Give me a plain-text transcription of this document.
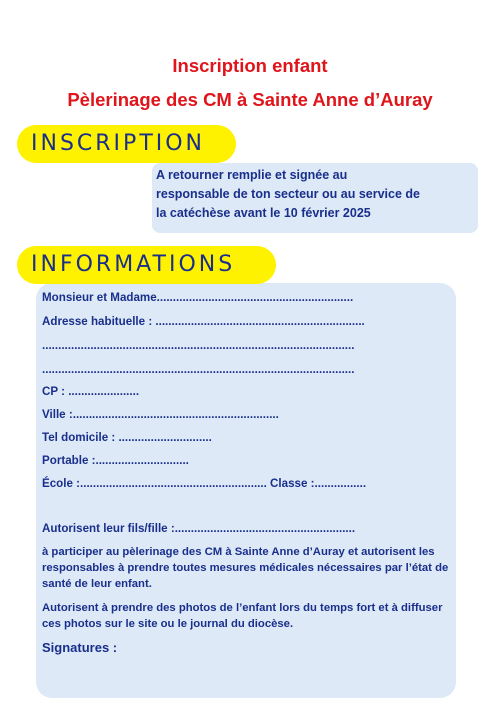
Inscription enfant
Pèlerinage des CM à Sainte Anne d’Auray
INSCRIPTION
A retourner remplie et signée au
responsable de ton secteur ou au service de
la catéchèse avant le 10 février 2025
INFORMATIONS
Monsieur et Madame.............................................................
Adresse habituelle : .................................................................
.................................................................................................
.................................................................................................
CP : ......................
Ville :................................................................
Tel domicile : .............................
Portable :.............................
École :.......................................................... Classe :................
Autorisent leur fils/fille :........................................................
à participer au pèlerinage des CM à Sainte Anne d’Auray et autorisent les responsables à prendre toutes mesures médicales nécessaires par l’état de santé de leur enfant.
Autorisent à prendre des photos de l’enfant lors du temps fort et à diffuser ces photos sur le site ou le journal du diocèse.
Signatures :
